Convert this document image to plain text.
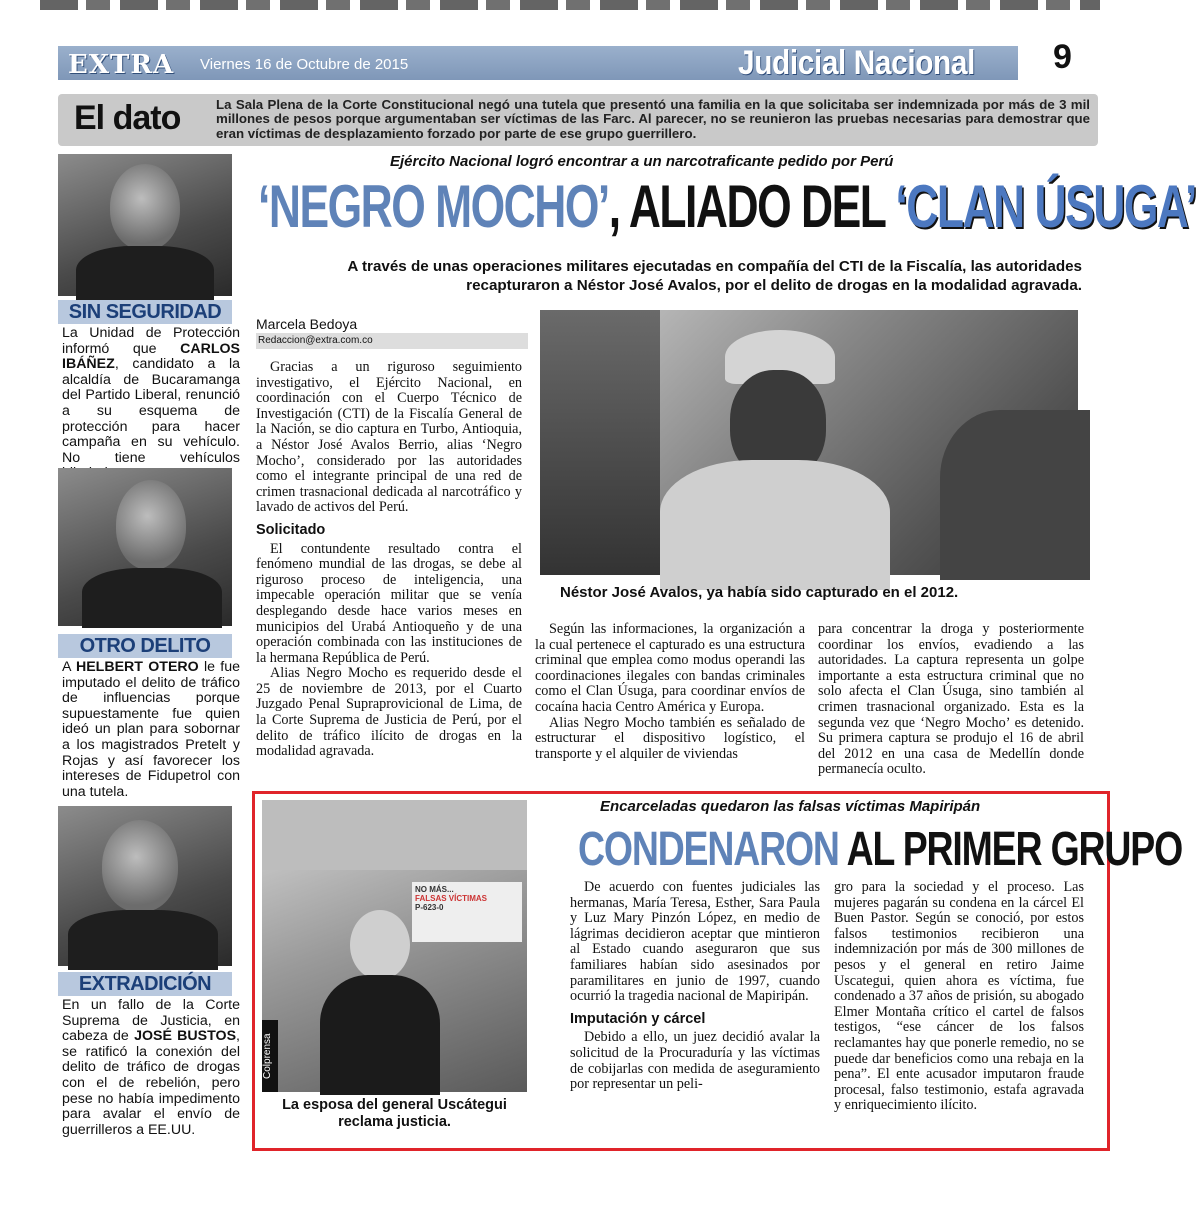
EXTRA Viernes 16 de Octubre de 2015	Judicial Nacional 9
El dato	La Sala Plena de la Corte Constitucional negó una tutela que presentó una familia en la que solicitaba ser indemnizada por más de 3 mil millones de pesos porque argumentaban ser víctimas de las Farc. Al parecer, no se reunieron las pruebas necesarias para demostrar que eran víctimas de desplazamiento forzado por parte de ese grupo guerrillero.
SIN SEGURIDAD
La Unidad de Protección informó que CARLOS IBÁÑEZ, candidato a la alcaldía de Bucaramanga del Partido Liberal, renunció a su esquema de protección para hacer campaña en su vehículo. No tiene vehículos
OTRO DELITO
A HELBERT OTERO le fue imputado el delito de tráfico de influencias porque supuestamente fue quien ideó un plan para sobornar a los magistrados Pretelt y Rojas y así favorecer los intereses de Fidupetrol con una tutela.
EXTRADICIÓN
En un fallo de la Corte Suprema de Justicia, en cabeza de JOSÉ BUSTOS, se ratificó la conexión del delito de tráfico de drogas con el de rebelión, pero pese no había impedimento para avalar el envío de guerrilleros a EE.UU.
Ejército Nacional logró encontrar a un narcotraficante pedido por Perú
‘NEGRO MOCHO’, ALIADO DEL ‘CLAN ÚSUGA’
A través de unas operaciones militares ejecutadas en compañía del CTI de la Fiscalía, las autoridades recapturaron a Néstor José Avalos, por el delito de drogas en la modalidad agravada.
Marcela Bedoya
Redaccion@extra.com.co

Gracias a un riguroso seguimiento investigativo, el Ejército Nacional, en coordinación con el Cuerpo Técnico de Investigación (CTI) de la Fiscalía General de la Nación, se dio captura en Turbo, Antioquia, a Néstor José Avalos Berrio, alias ‘Negro Mocho’, considerado por las autoridades como el integrante principal de una red de crimen trasnacional dedicada al narcotráfico y lavado de activos del Perú.

Solicitado

El contundente resultado contra el fenómeno mundial de las drogas, se debe al riguroso proceso de inteligencia, una impecable operación militar que se venía desplegando desde hace varios meses en municipios del Urabá Antioqueño y de una operación combinada con las instituciones de la hermana República de Perú.

Alias Negro Mocho es requerido desde el 25 de noviembre de 2013, por el Cuarto Juzgado Penal Supraprovicional de Lima, de la Corte Suprema de Justicia de Perú, por el delito de tráfico ilícito de drogas en la modalidad agravada.

Néstor José Avalos, ya había sido capturado en el 2012.

Según las informaciones, la organización a la cual pertenece el capturado es una estructura criminal que emplea como modus operandi las coordinaciones ilegales con bandas criminales como el Clan Úsuga, para coordinar envíos de cocaína hacia Centro América y Europa.

Alias Negro Mocho también es señalado de estructurar el dispositivo logístico, el transporte y el alquiler de viviendas

para concentrar la droga y posteriormente coordinar los envíos, evadiendo a las autoridades. La captura representa un golpe importante a esta estructura criminal que no solo afecta el Clan Úsuga, sino también al crimen trasnacional organizado. Esta es la segunda vez que ‘Negro Mocho’ es detenido. Su primera captura se produjo el 16 de abril del 2012 en una casa de Medellín donde permanecía oculto.

NO MÁS...
FALSAS VÍCTIMAS
P-623-0
Colprensa
La esposa del general Uscátegui reclama justicia.
Encarceladas quedaron las falsas víctimas Mapiripán
CONDENARON AL PRIMER GRUPO

De acuerdo con fuentes judiciales las hermanas, María Teresa, Esther, Sara Paula y Luz Mary Pinzón López, en medio de lágrimas decidieron aceptar que mintieron al Estado cuando aseguraron que sus familiares habían sido asesinados por paramilitares en junio de 1997, cuando ocurrió la tragedia nacional de Mapiripán.

Imputación y cárcel

Debido a ello, un juez decidió avalar la solicitud de la Procuraduría y las víctimas de cobijarlas con medida de aseguramiento por representar un peli-

gro para la sociedad y el proceso. Las mujeres pagarán su condena en la cárcel El Buen Pastor. Según se conoció, por estos falsos testimonios recibieron una indemnización por más de 300 millones de pesos y el general en retiro Jaime Uscategui, quien ahora es víctima, fue condenado a 37 años de prisión, su abogado Elmer Montaña crítico el cartel de falsos testigos, “ese cáncer de los falsos reclamantes hay que ponerle remedio, no se puede dar beneficios como una rebaja en la pena”. El ente acusador imputaron fraude procesal, falso testimonio, estafa agravada y enriquecimiento ilícito.
